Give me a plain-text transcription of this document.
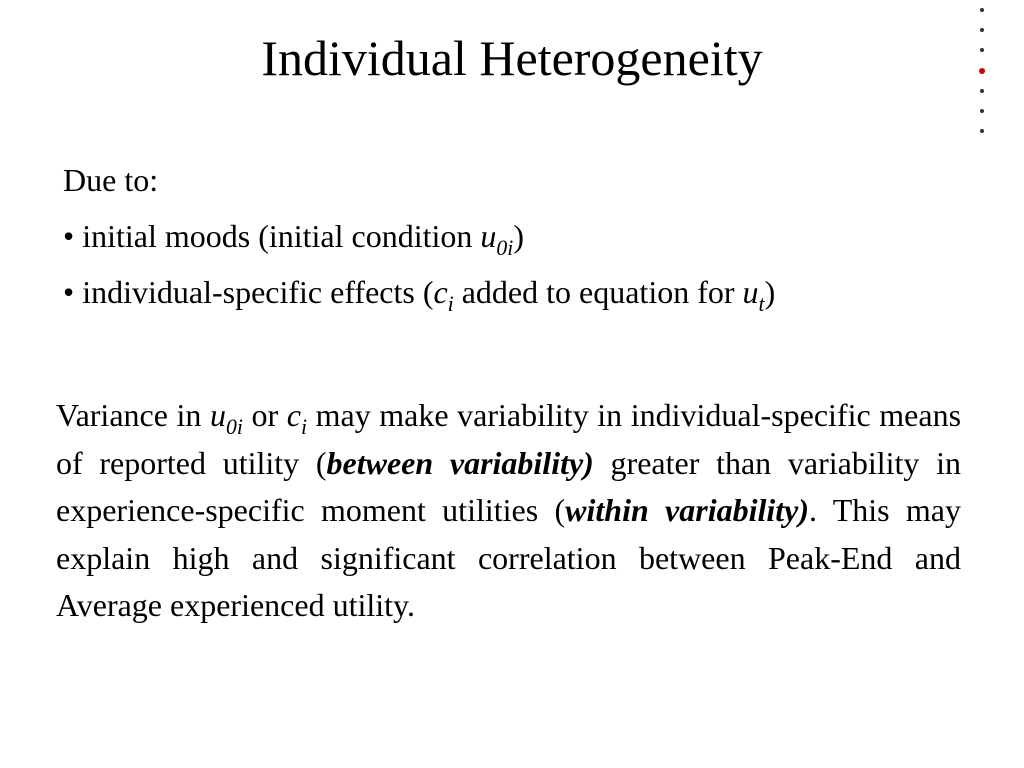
Individual Heterogeneity
Due to:
• initial moods (initial condition $u_{0i}$)
• individual-specific effects ($c_i$ added to equation for $u_t$)

Variance in $u_{0i}$ or $c_i$ may make variability in individual-specific means of reported utility (between variability) greater than variability in experience-specific moment utilities (within variability). This may explain high and significant correlation between Peak-End and Average experienced utility.
